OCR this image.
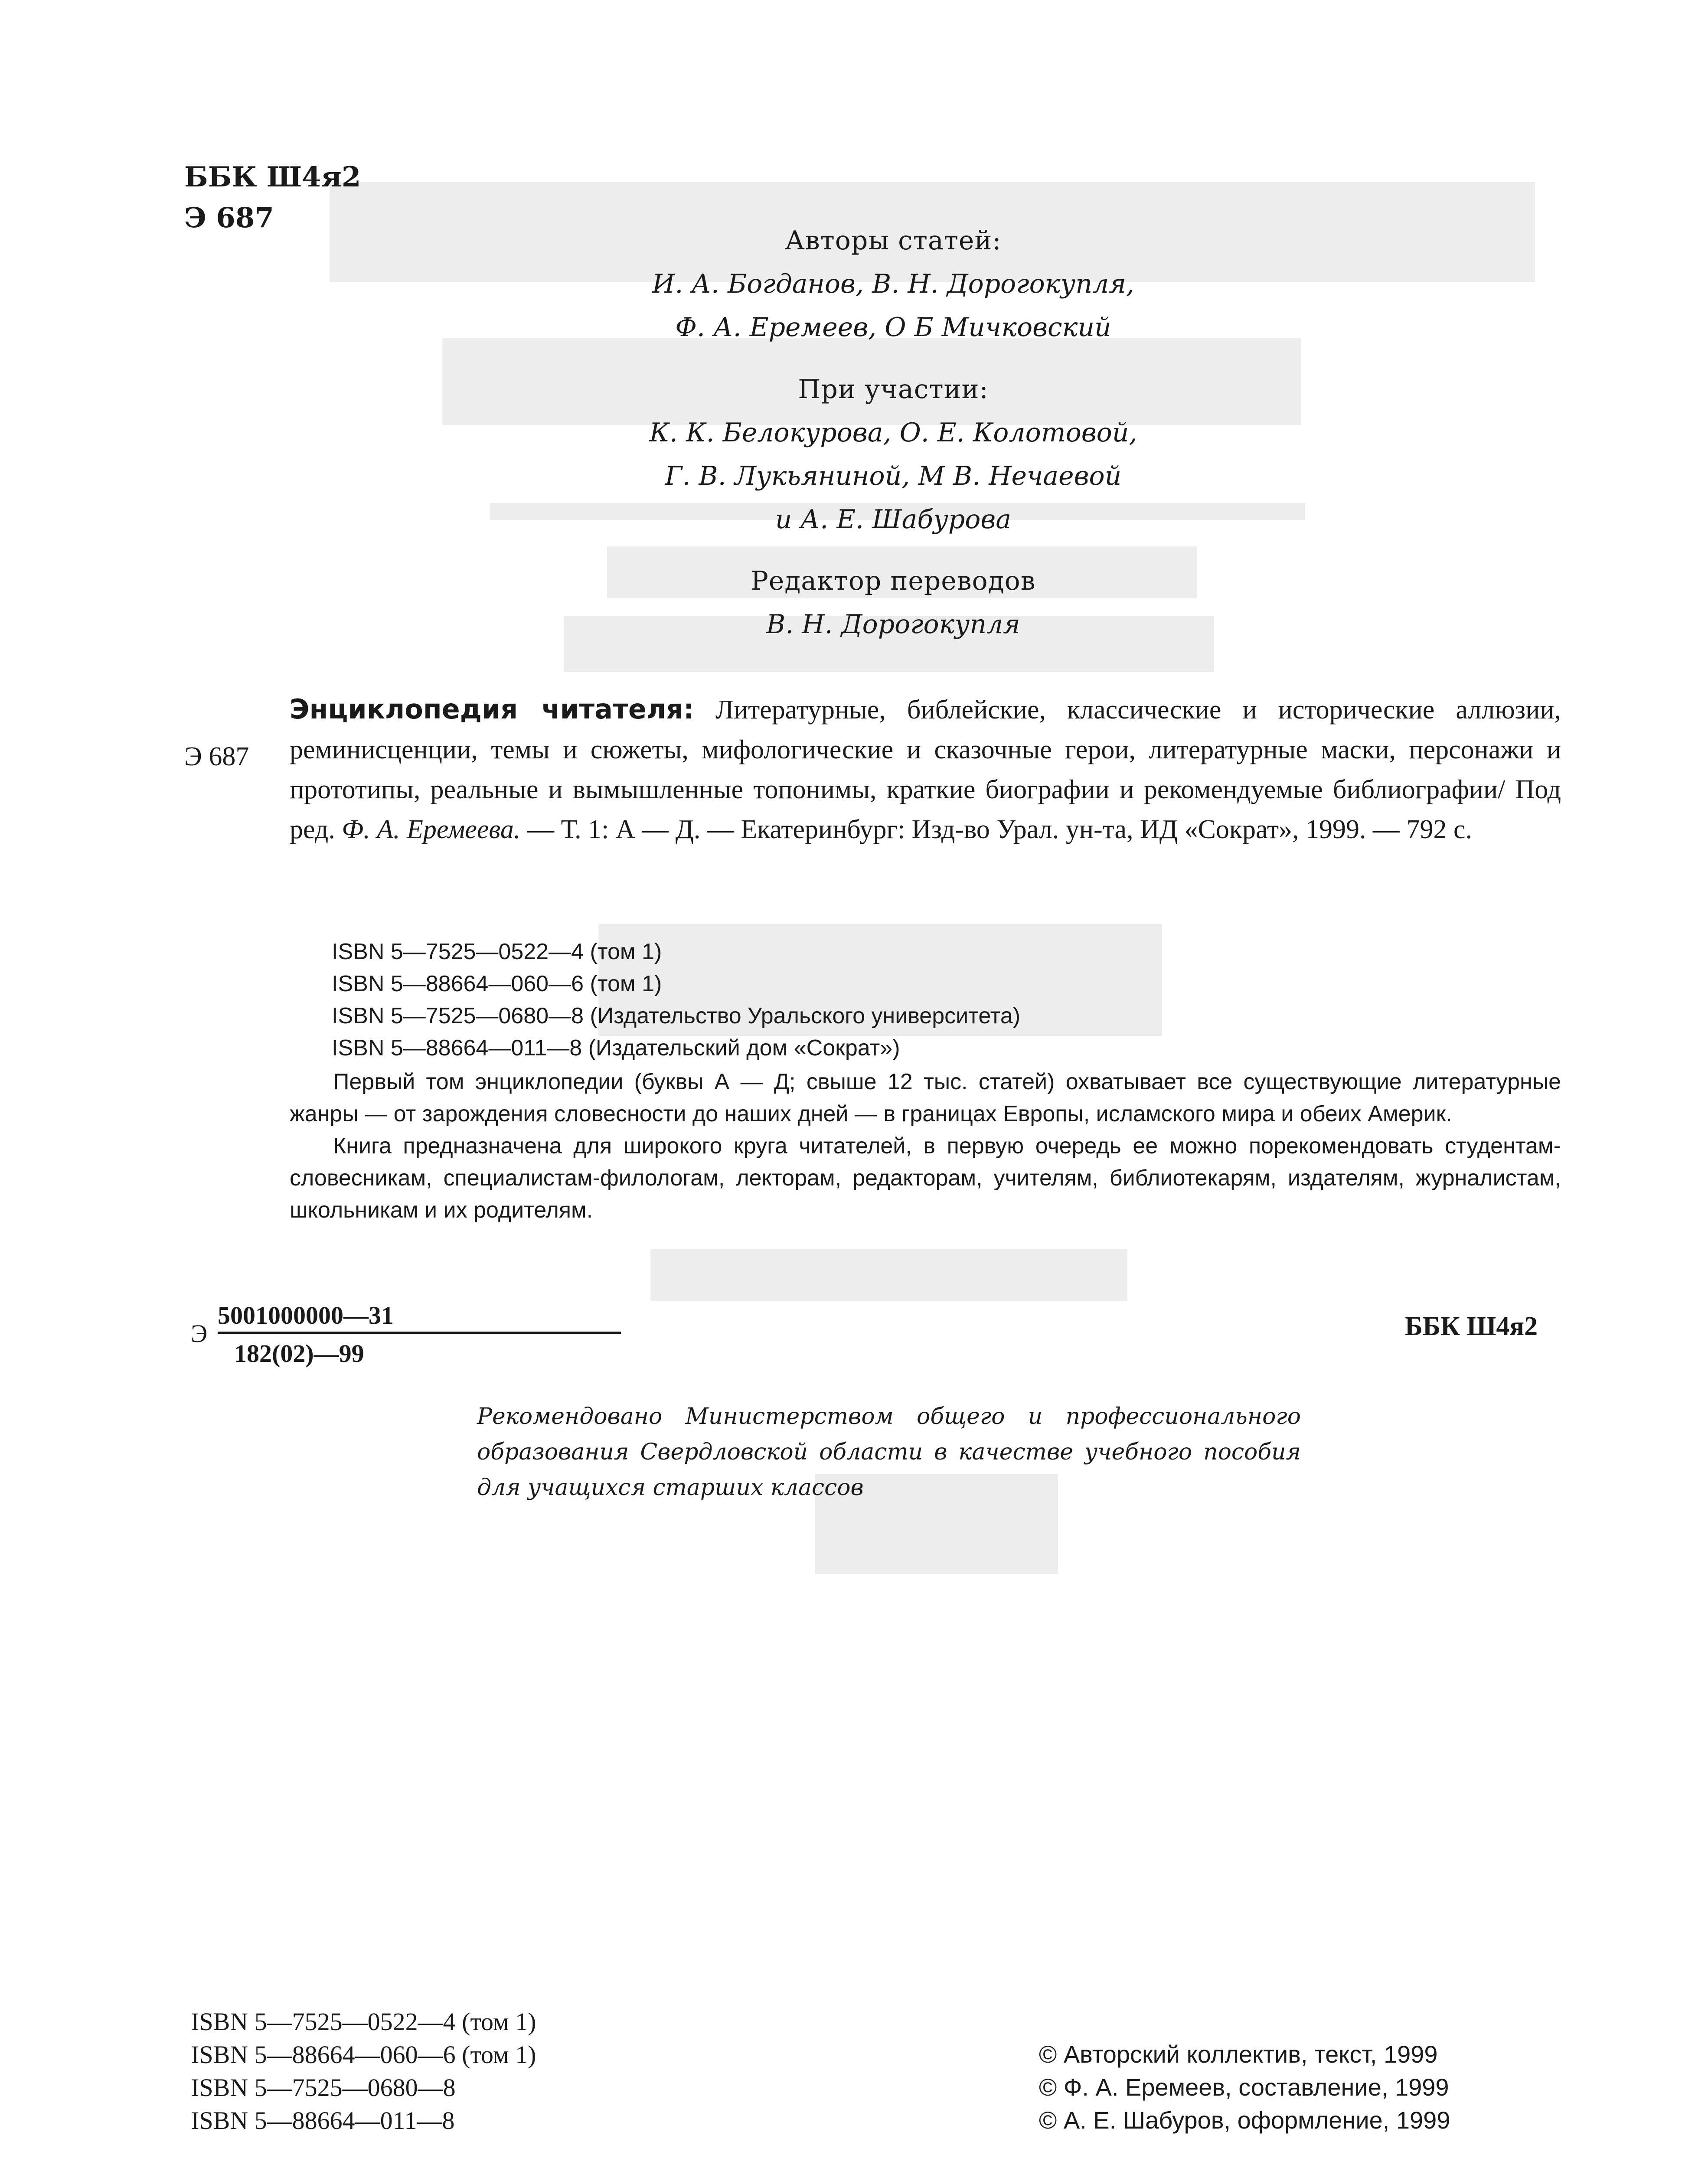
ББК Ш4я2
Э 687
Авторы статей:
И. А. Богданов, В. Н. Дорогокупля,
Ф. А. Еремеев, О Б Мичковский
При участии:
К. К. Белокурова, О. Е. Колотовой,
Г. В. Лукьяниной, М В. Нечаевой
и А. Е. Шабурова
Редактор переводов
В. Н. Дорогокупля
Э 687
Энциклопедия читателя: Литературные, библейские, классические и исторические аллюзии, реминисценции, темы и сюжеты, мифологические и сказочные герои, литературные маски, персонажи и прототипы, реальные и вымышленные топонимы, краткие биографии и рекомендуемые библиографии/ Под ред. Ф. А. Еремеева. — Т. 1: А — Д. — Екатеринбург: Изд-во Урал. ун-та, ИД «Сократ», 1999. — 792 с.
ISBN 5—7525—0522—4 (том 1)
ISBN 5—88664—060—6 (том 1)
ISBN 5—7525—0680—8 (Издательство Уральского университета)
ISBN 5—88664—011—8 (Издательский дом «Сократ»)

Первый том энциклопедии (буквы А — Д; свыше 12 тыс. статей) охватывает все существующие литературные жанры — от зарождения словесности до наших дней — в границах Европы, исламского мира и обеих Америк.

Книга предназначена для широкого круга читателей, в первую очередь ее можно порекомендовать студентам-словесникам, специалистам-филологам, лекторам, редакторам, учителям, библиотекарям, издателям, журналистам, школьникам и их родителям.

Э
5001000000—31
182(02)—99
ББК Ш4я2
Рекомендовано Министерством общего и профессионального образования Свердловской области в качестве учебного пособия для учащихся старших классов
ISBN 5—7525—0522—4 (том 1)
ISBN 5—88664—060—6 (том 1)
ISBN 5—7525—0680—8
ISBN 5—88664—011—8
© Авторский коллектив, текст, 1999
© Ф. А. Еремеев, составление, 1999
© А. Е. Шабуров, оформление, 1999
